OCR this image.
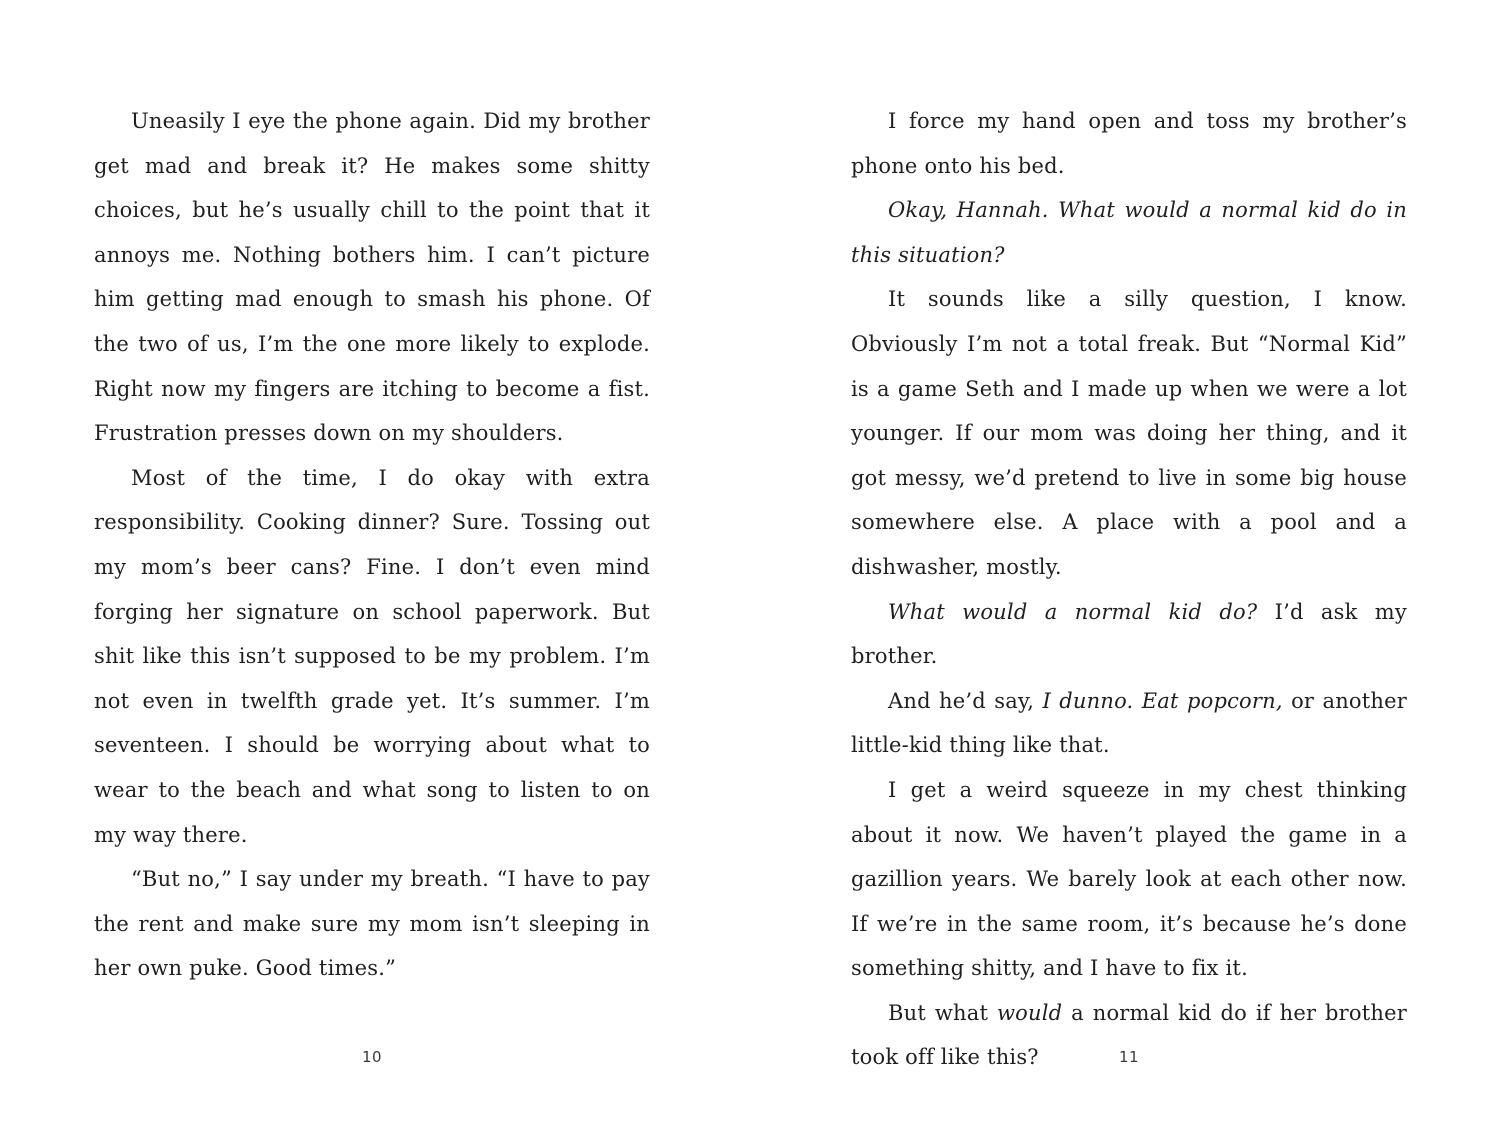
Uneasily I eye the phone again. Did my brother get mad and break it? He makes some shitty choices, but he’s usually chill to the point that it annoys me. Nothing bothers him. I can’t picture him getting mad enough to smash his phone. Of the two of us, I’m the one more likely to explode. Right now my fingers are itching to become a fist. Frustration presses down on my shoulders.

Most of the time, I do okay with extra responsibility. Cooking dinner? Sure. Tossing out my mom’s beer cans? Fine. I don’t even mind forging her signature on school paperwork. But shit like this isn’t supposed to be my problem. I’m not even in twelfth grade yet. It’s summer. I’m seventeen. I should be worrying about what to wear to the beach and what song to listen to on my way there.

“But no,” I say under my breath. “I have to pay the rent and make sure my mom isn’t sleeping in her own puke. Good times.”

I force my hand open and toss my brother’s phone onto his bed.

Okay, Hannah. What would a normal kid do in this situation?

It sounds like a silly question, I know. Obviously I’m not a total freak. But “Normal Kid” is a game Seth and I made up when we were a lot younger. If our mom was doing her thing, and it got messy, we’d pretend to live in some big house somewhere else. A place with a pool and a dishwasher, mostly.

What would a normal kid do? I’d ask my brother.

And he’d say, I dunno. Eat popcorn, or another little-kid thing like that.

I get a weird squeeze in my chest thinking about it now. We haven’t played the game in a gazillion years. We barely look at each other now. If we’re in the same room, it’s because he’s done something shitty, and I have to fix it.

But what would a normal kid do if her brother took off like this?

10	11
